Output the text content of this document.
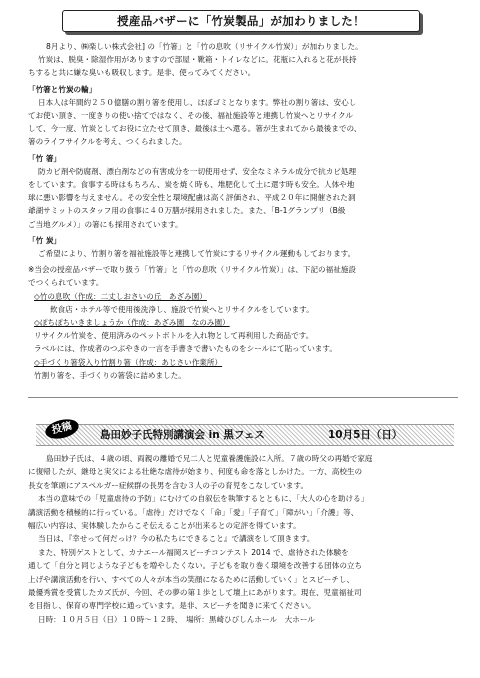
授産品バザーに「竹炭製品」が加わりました！

8月より、㈱楽しい株式会社] の「竹箸」と「竹の息吹（リサイクル竹炭）」が加わりました。

竹炭は、脱臭・除湿作用がありますので部屋・靴箱・トイレなどに。花瓶に入れると花が長持

ちすると共に嫌な臭いも吸収します。是非、使ってみてください。

「竹箸と竹炭の輪」

日本人は年間約２５０億膳の割り箸を使用し、ほぼゴミとなります。弊社の割り箸は、安心し

てお使い頂き、一度きりの使い捨てではなく、その後、福祉施設等と連携し竹炭へとリサイクル

して、今一度、竹炭としてお役に立たせて頂き、最後は土へ還る。箸が生まれてから最後までの、

箸のライフサイクルを考え、つくられました。

「竹 箸」

防カビ剤や防腐剤、漂白剤などの有害成分を一切使用せず、安全なミネラル成分で抗カビ処理

をしています。食事する時はもちろん、炭を焼く時も、堆肥化して土に還す時も安全。人体や地

球に悪い影響を与えません。その安全性と環境配慮は高く評価され、平成２０年に開催された洞

爺湖サミットのスタッフ用の食事に４０万膳が採用されました。また、「B-1グランプリ（B級

ご当地グルメ）」の箸にも採用されています。

「竹 炭」

ご希望により、竹割り箸を福祉施設等と連携して竹炭にするリサイクル運動もしております。

※当会の授産品バザーで取り扱う「竹箸」と「竹の息吹（リサイクル竹炭）」は、下記の福祉施設

でつくられています。

◇竹の息吹（作成：二丈しおさいの丘　あざみ園）

飲食店・ホテル等で使用後洗浄し、施設で竹炭へとリサイクルをしています。

◇ぽちぽちいきましょうか（作成：あざみ園　なのみ園）

リサイクル竹炭を、使用済みのペットボトルを入れ物として再利用した商品です。

ラベルには、作成者のつぶやきの一言を手書きで書いたものをシールにて貼っています。

◇手づくり箸袋入り竹割り箸（作成：あじさい作業所）

竹割り箸を、手づくりの箸袋に詰めました。

投稿	島田妙子氏特別講演会 in 黒フェス	10月5日（日）

島田妙子氏は、４歳の頃、両親の離婚で兄二人と児童養護施設に入所。７歳の時父の再婚で家庭

に復帰したが、継母と実父による壮絶な虐待が始まり、何度も命を落としかけた。一方、高校生の

長女を筆頭にアスペルガー症候群の長男を含む３人の子の育児をこなしています。

本当の意味での「児童虐待の予防」にむけての自叙伝を執筆するとともに、「大人の心を助ける」

講演活動を積極的に行っている。「虐待」だけでなく「命」「愛」「子育て」「障がい」「介護」等、

幅広い内容は、実体験したからこそ伝えることが出来るとの定評を得ています。

当日は、『幸せって何だっけ？今の私たちにできること』で講演をして頂きます。

また、特別ゲストとして、カナエール福岡スピーチコンテスト 2014 で、虐待された体験を

通して「自分と同じような子どもを増やしたくない。子どもを取り巻く環境を改善する団体の立ち

上げや講演活動を行い、すべての人々が本当の笑顔になるために活動していく」とスピーチし、

最優秀賞を受賞したカズ氏が、今回、その夢の第１歩として壇上にあがります。現在、児童福祉司

を目指し、保育の専門学校に通っています。是非、スピーチを聞きに来てください。

日時：１０月５日（日）１０時～１２時、　場所：黒崎ひびしんホール　大ホール
